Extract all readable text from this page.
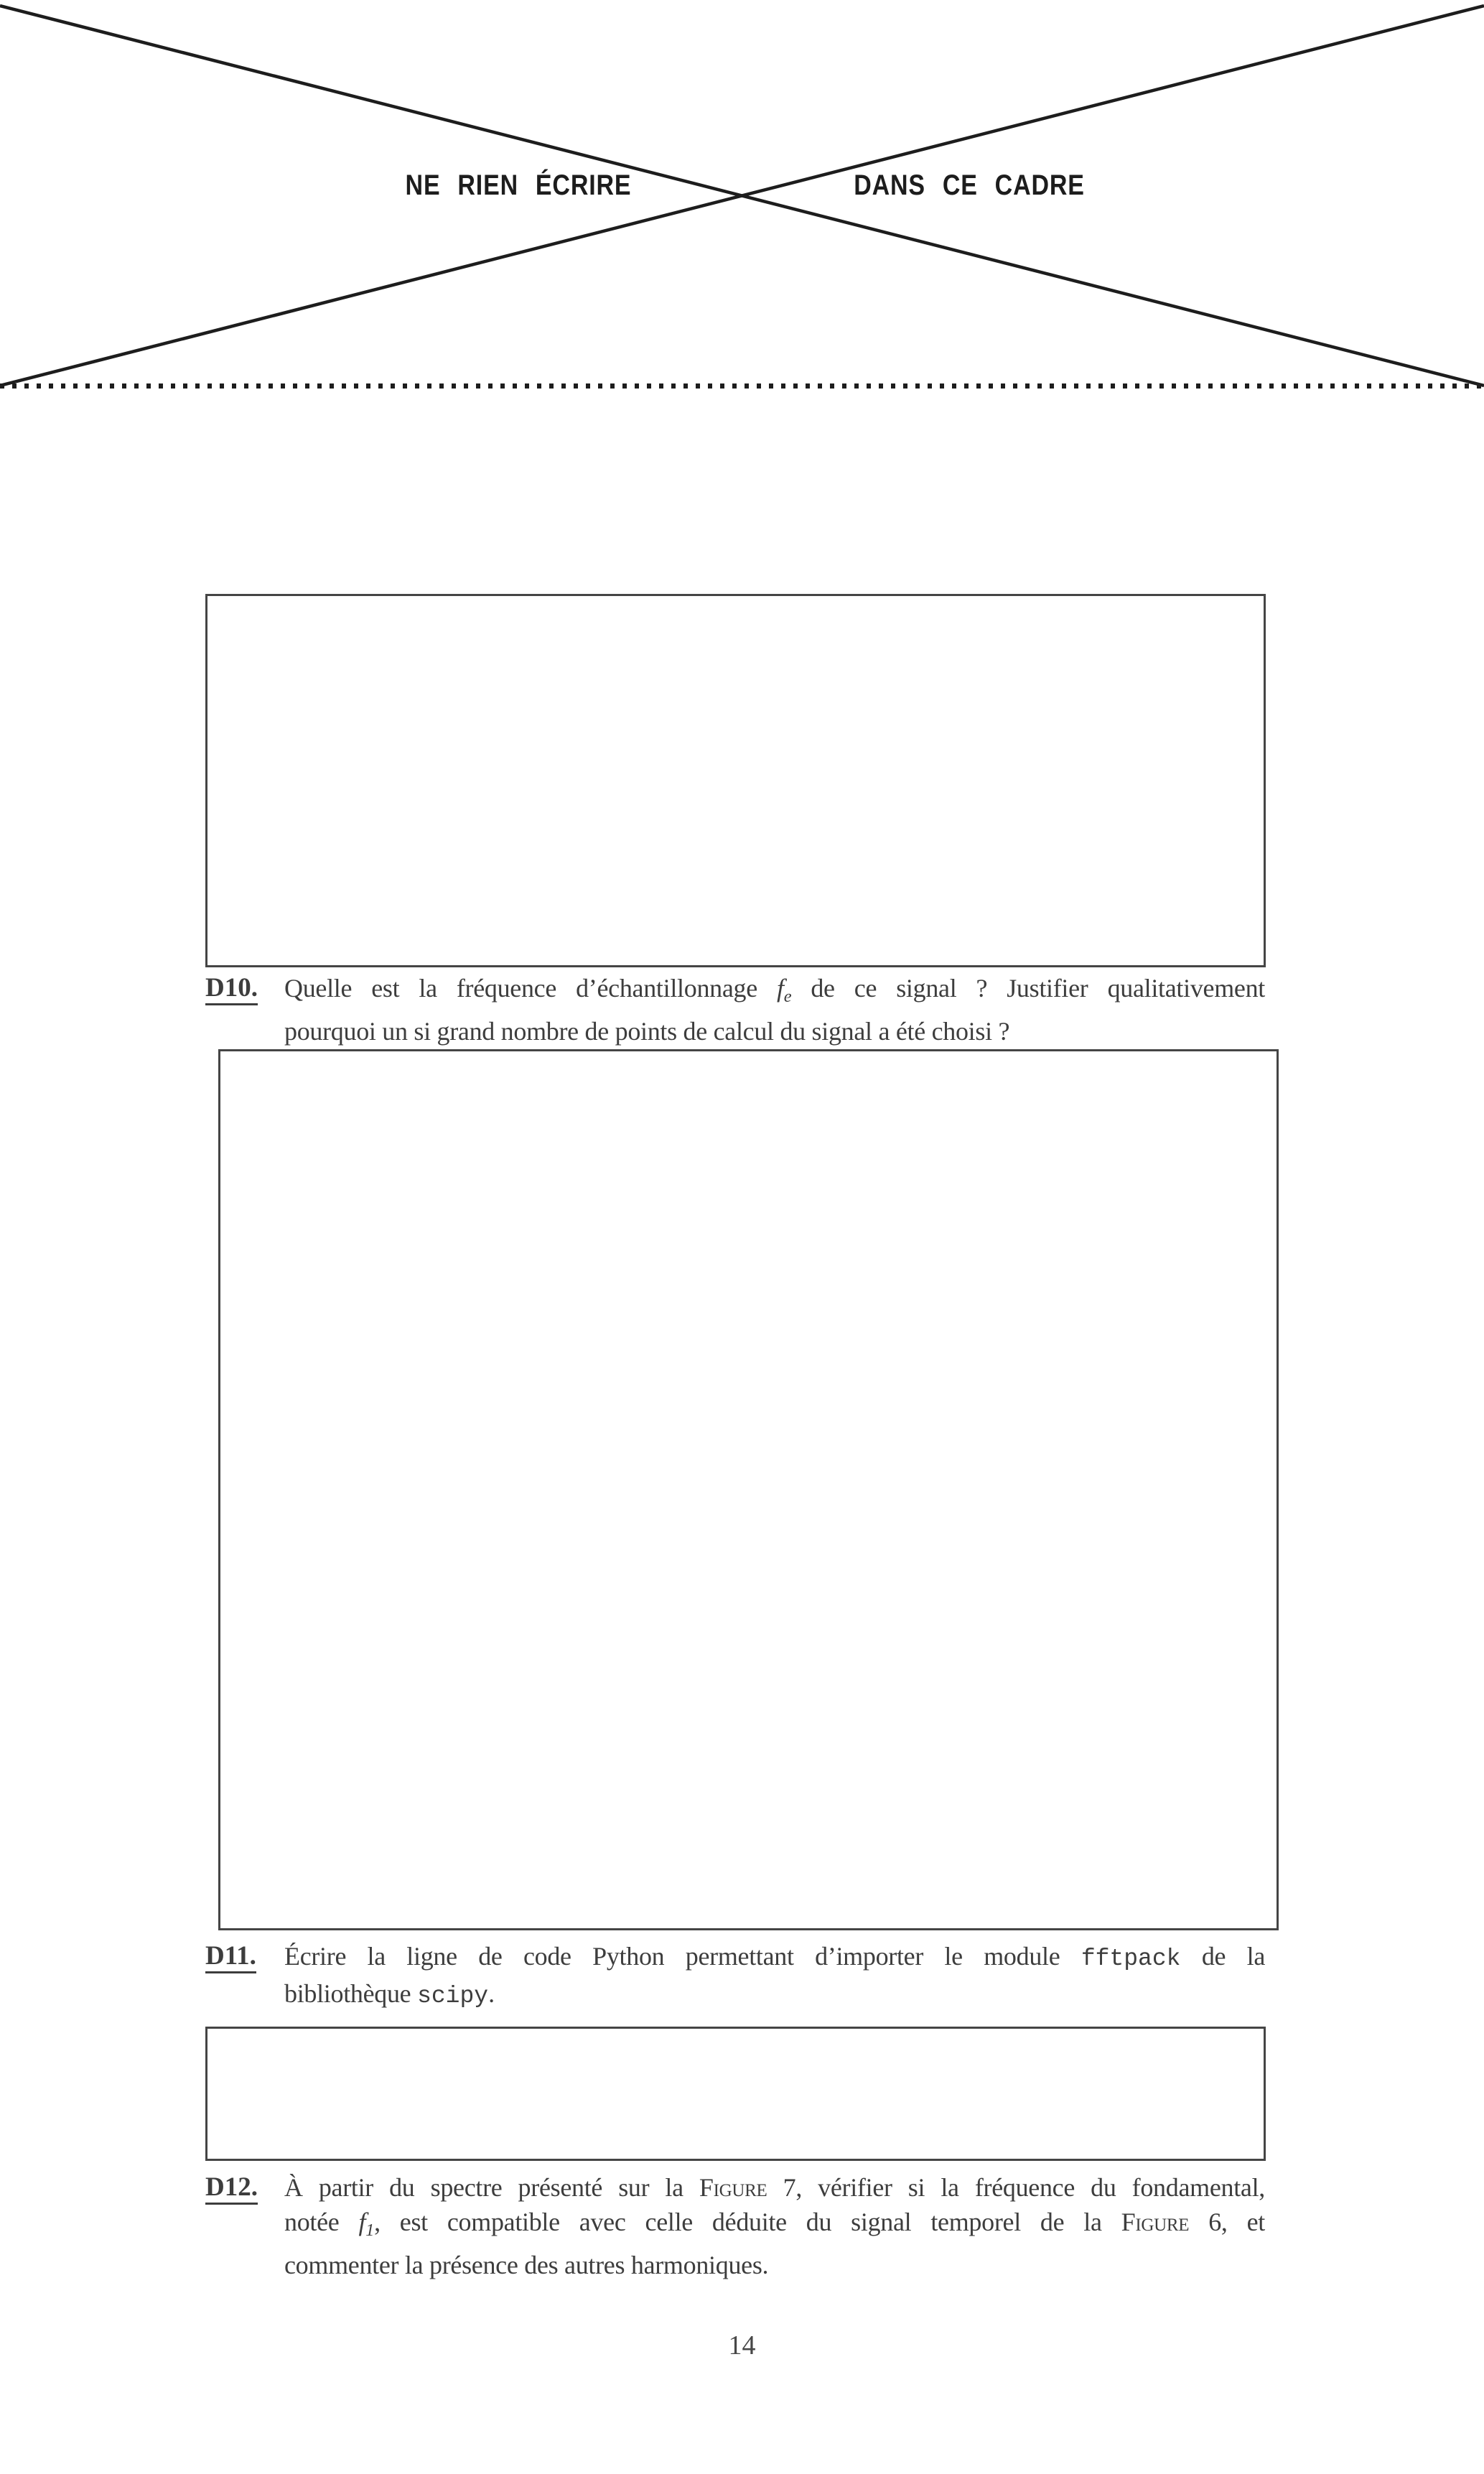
NE RIEN ÉCRIRE	DANS CE CADRE
D10. Quelle est la fréquence d’échantillonnage $f_e$ de ce signal ? Justifier qualitativement
pourquoi un si grand nombre de points de calcul du signal a été choisi ?
D11. Écrire la ligne de code Python permettant d’importer le module fftpack de la
bibliothèque scipy.
D12. À partir du spectre présenté sur la Figure 7, vérifier si la fréquence du fondamental,
notée $f_1$, est compatible avec celle déduite du signal temporel de la Figure 6, et
commenter la présence des autres harmoniques.
14
